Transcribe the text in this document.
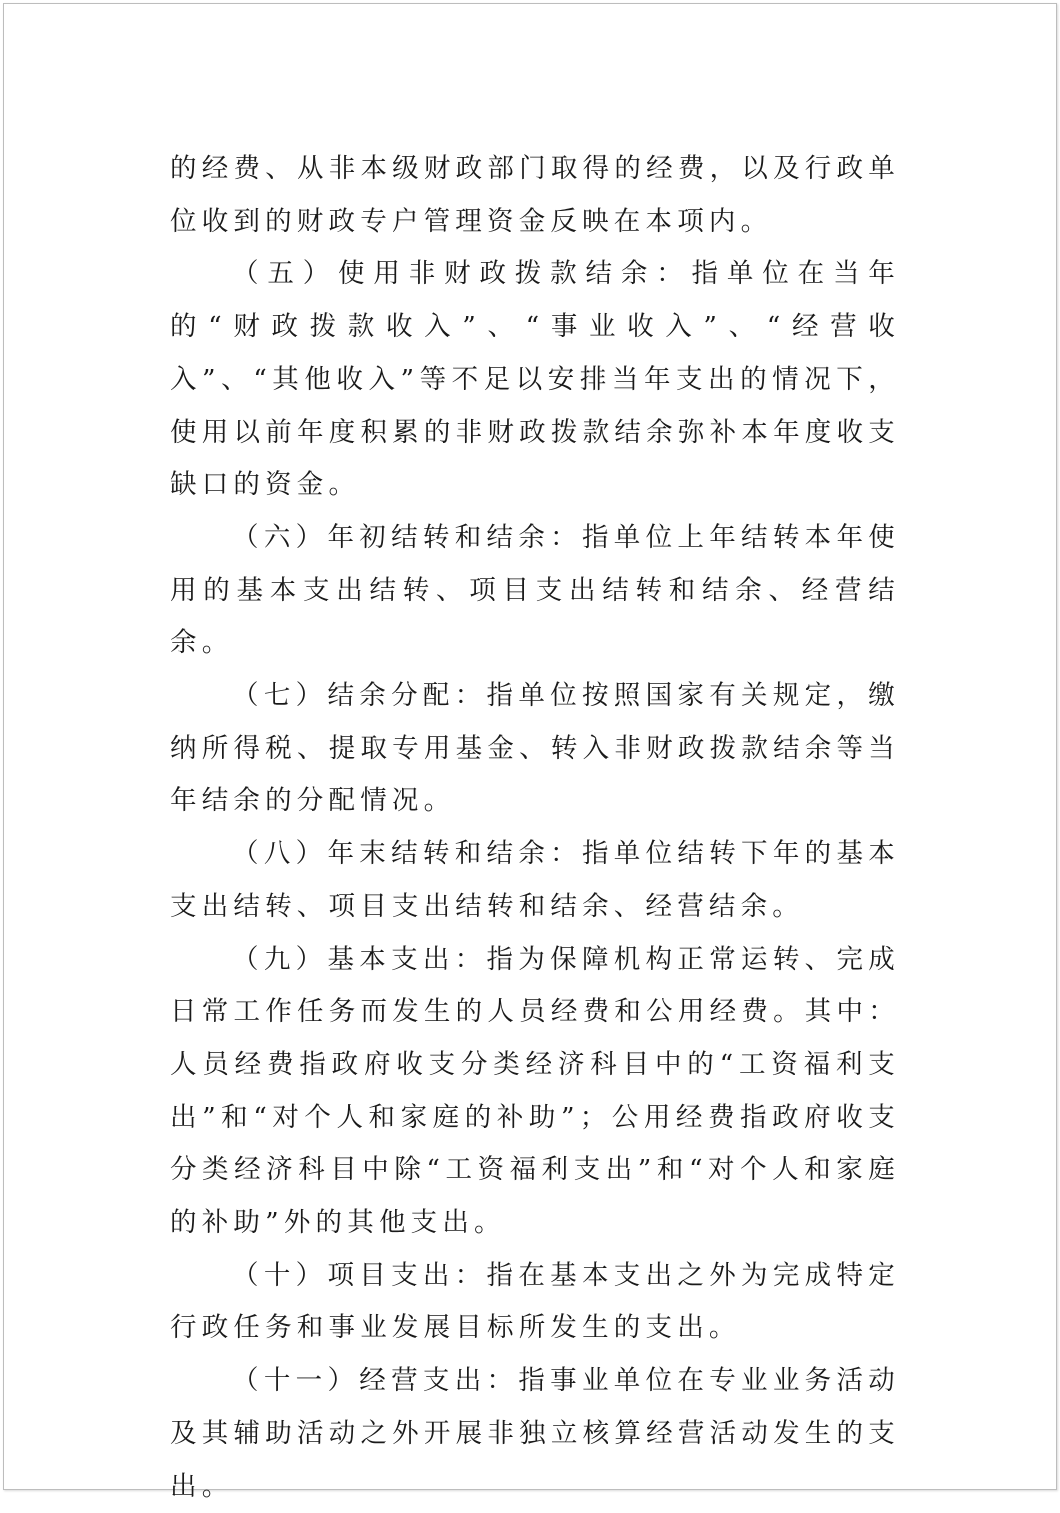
的经费、从非本级财政部门取得的经费，以及行政单位收到的财政专户管理资金反映在本项内。

（五）使用非财政拨款结余：指单位在当年的“财政拨款收入”、“事业收入”、“经营收入”、“其他收入”等不足以安排当年支出的情况下，使用以前年度积累的非财政拨款结余弥补本年度收支缺口的资金。

（六）年初结转和结余：指单位上年结转本年使用的基本支出结转、项目支出结转和结余、经营结余。

（七）结余分配：指单位按照国家有关规定，缴纳所得税、提取专用基金、转入非财政拨款结余等当年结余的分配情况。

（八）年末结转和结余：指单位结转下年的基本支出结转、项目支出结转和结余、经营结余。

（九）基本支出：指为保障机构正常运转、完成日常工作任务而发生的人员经费和公用经费。其中：人员经费指政府收支分类经济科目中的“工资福利支出”和“对个人和家庭的补助”；公用经费指政府收支分类经济科目中除“工资福利支出”和“对个人和家庭的补助”外的其他支出。

（十）项目支出：指在基本支出之外为完成特定行政任务和事业发展目标所发生的支出。

（十一）经营支出：指事业单位在专业业务活动及其辅助活动之外开展非独立核算经营活动发生的支出。
